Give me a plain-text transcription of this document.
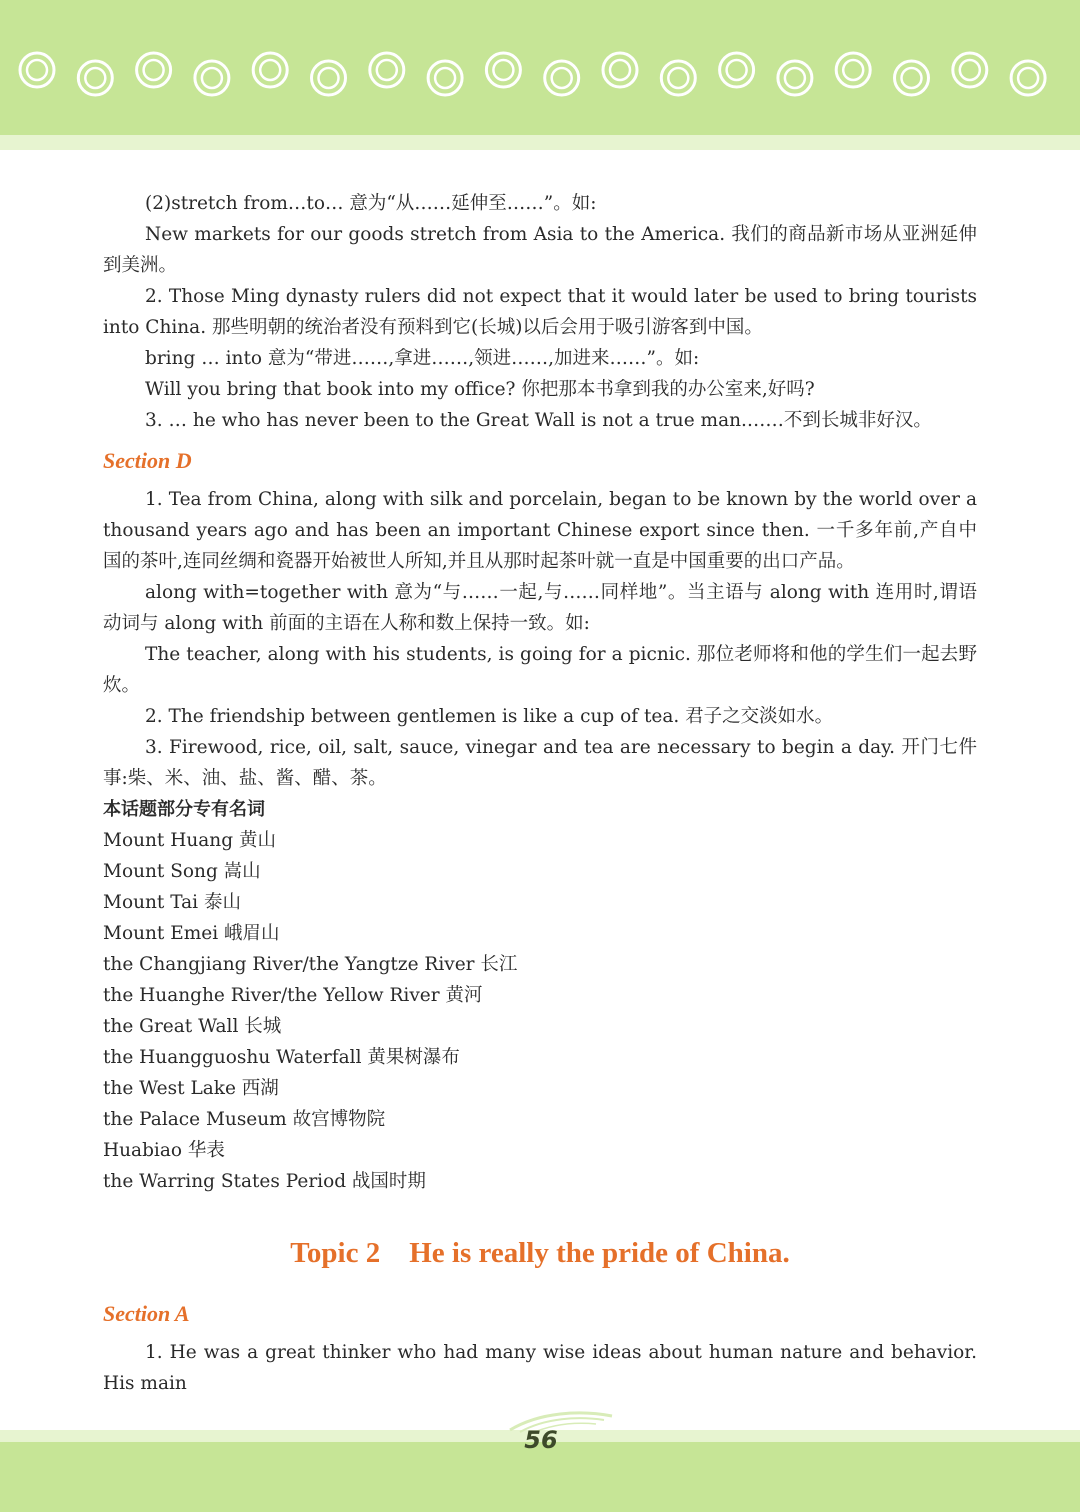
(2)stretch from…to… 意为“从……延伸至……”。如:

New markets for our goods stretch from Asia to the America. 我们的商品新市场从亚洲延伸到美洲。

2. Those Ming dynasty rulers did not expect that it would later be used to bring tourists into China. 那些明朝的统治者没有预料到它(长城)以后会用于吸引游客到中国。

bring … into 意为“带进……,拿进……,领进……,加进来……”。如:

Will you bring that book into my office? 你把那本书拿到我的办公室来,好吗?

3. … he who has never been to the Great Wall is not a true man.……不到长城非好汉。

Section D

1. Tea from China, along with silk and porcelain, began to be known by the world over a thousand years ago and has been an important Chinese export since then. 一千多年前,产自中国的茶叶,连同丝绸和瓷器开始被世人所知,并且从那时起茶叶就一直是中国重要的出口产品。

along with=together with 意为“与……一起,与……同样地”。当主语与 along with 连用时,谓语动词与 along with 前面的主语在人称和数上保持一致。如:

The teacher, along with his students, is going for a picnic. 那位老师将和他的学生们一起去野炊。

2. The friendship between gentlemen is like a cup of tea. 君子之交淡如水。

3. Firewood, rice, oil, salt, sauce, vinegar and tea are necessary to begin a day. 开门七件事:柴、米、油、盐、酱、醋、茶。

本话题部分专有名词

Mount Huang 黄山
Mount Song 嵩山
Mount Tai 泰山
Mount Emei 峨眉山
the Changjiang River/the Yangtze River 长江
the Huanghe River/the Yellow River 黄河
the Great Wall 长城
the Huangguoshu Waterfall 黄果树瀑布
the West Lake 西湖
the Palace Museum 故宫博物院
Huabiao 华表
the Warring States Period 战国时期
Topic 2    He is really the pride of China.
Section A

1. He was a great thinker who had many wise ideas about human nature and behavior. His main

56
